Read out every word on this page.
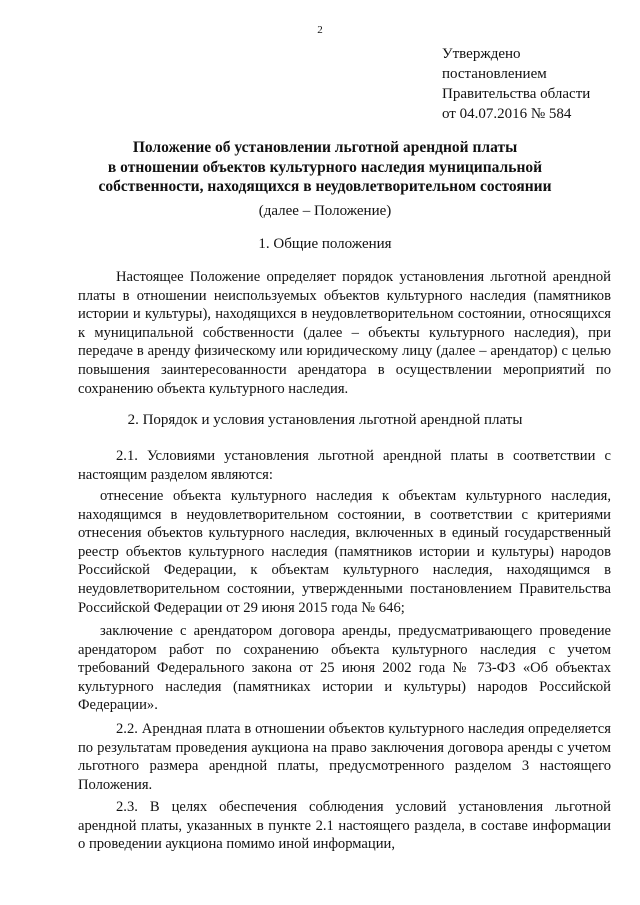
2
Утверждено
постановлением
Правительства области
от 04.07.2016 № 584
Положение об установлении льготной арендной платы
в отношении объектов культурного наследия муниципальной
собственности, находящихся в неудовлетворительном состоянии
(далее – Положение)
1. Общие положения

Настоящее Положение определяет порядок установления льготной арендной платы в отношении неиспользуемых объектов культурного наследия (памятников истории и культуры), находящихся в неудовлетворительном состоянии, относящихся к муниципальной собственности (далее – объекты культурного наследия), при передаче в аренду физическому или юридическому лицу (далее – арендатор) с целью повышения заинтересованности арендатора в осуществлении мероприятий по сохранению объекта культурного наследия.

2. Порядок и условия установления льготной арендной платы

2.1. Условиями установления льготной арендной платы в соответствии с настоящим разделом являются:

отнесение объекта культурного наследия к объектам культурного наследия, находящимся в неудовлетворительном состоянии, в соответствии с критериями отнесения объектов культурного наследия, включенных в единый государственный реестр объектов культурного наследия (памятников истории и культуры) народов Российской Федерации, к объектам культурного наследия, находящимся в неудовлетворительном состоянии, утвержденными постановлением Правительства Российской Федерации от 29 июня 2015 года № 646;

заключение с арендатором договора аренды, предусматривающего проведение арендатором работ по сохранению объекта культурного наследия с учетом требований Федерального закона от 25 июня 2002 года № 73-ФЗ «Об объектах культурного наследия (памятниках истории и культуры) народов Российской Федерации».

2.2. Арендная плата в отношении объектов культурного наследия определяется по результатам проведения аукциона на право заключения договора аренды с учетом льготного размера арендной платы, предусмотренного разделом 3 настоящего Положения.

2.3. В целях обеспечения соблюдения условий установления льготной арендной платы, указанных в пункте 2.1 настоящего раздела, в составе информации о проведении аукциона помимо иной информации,
